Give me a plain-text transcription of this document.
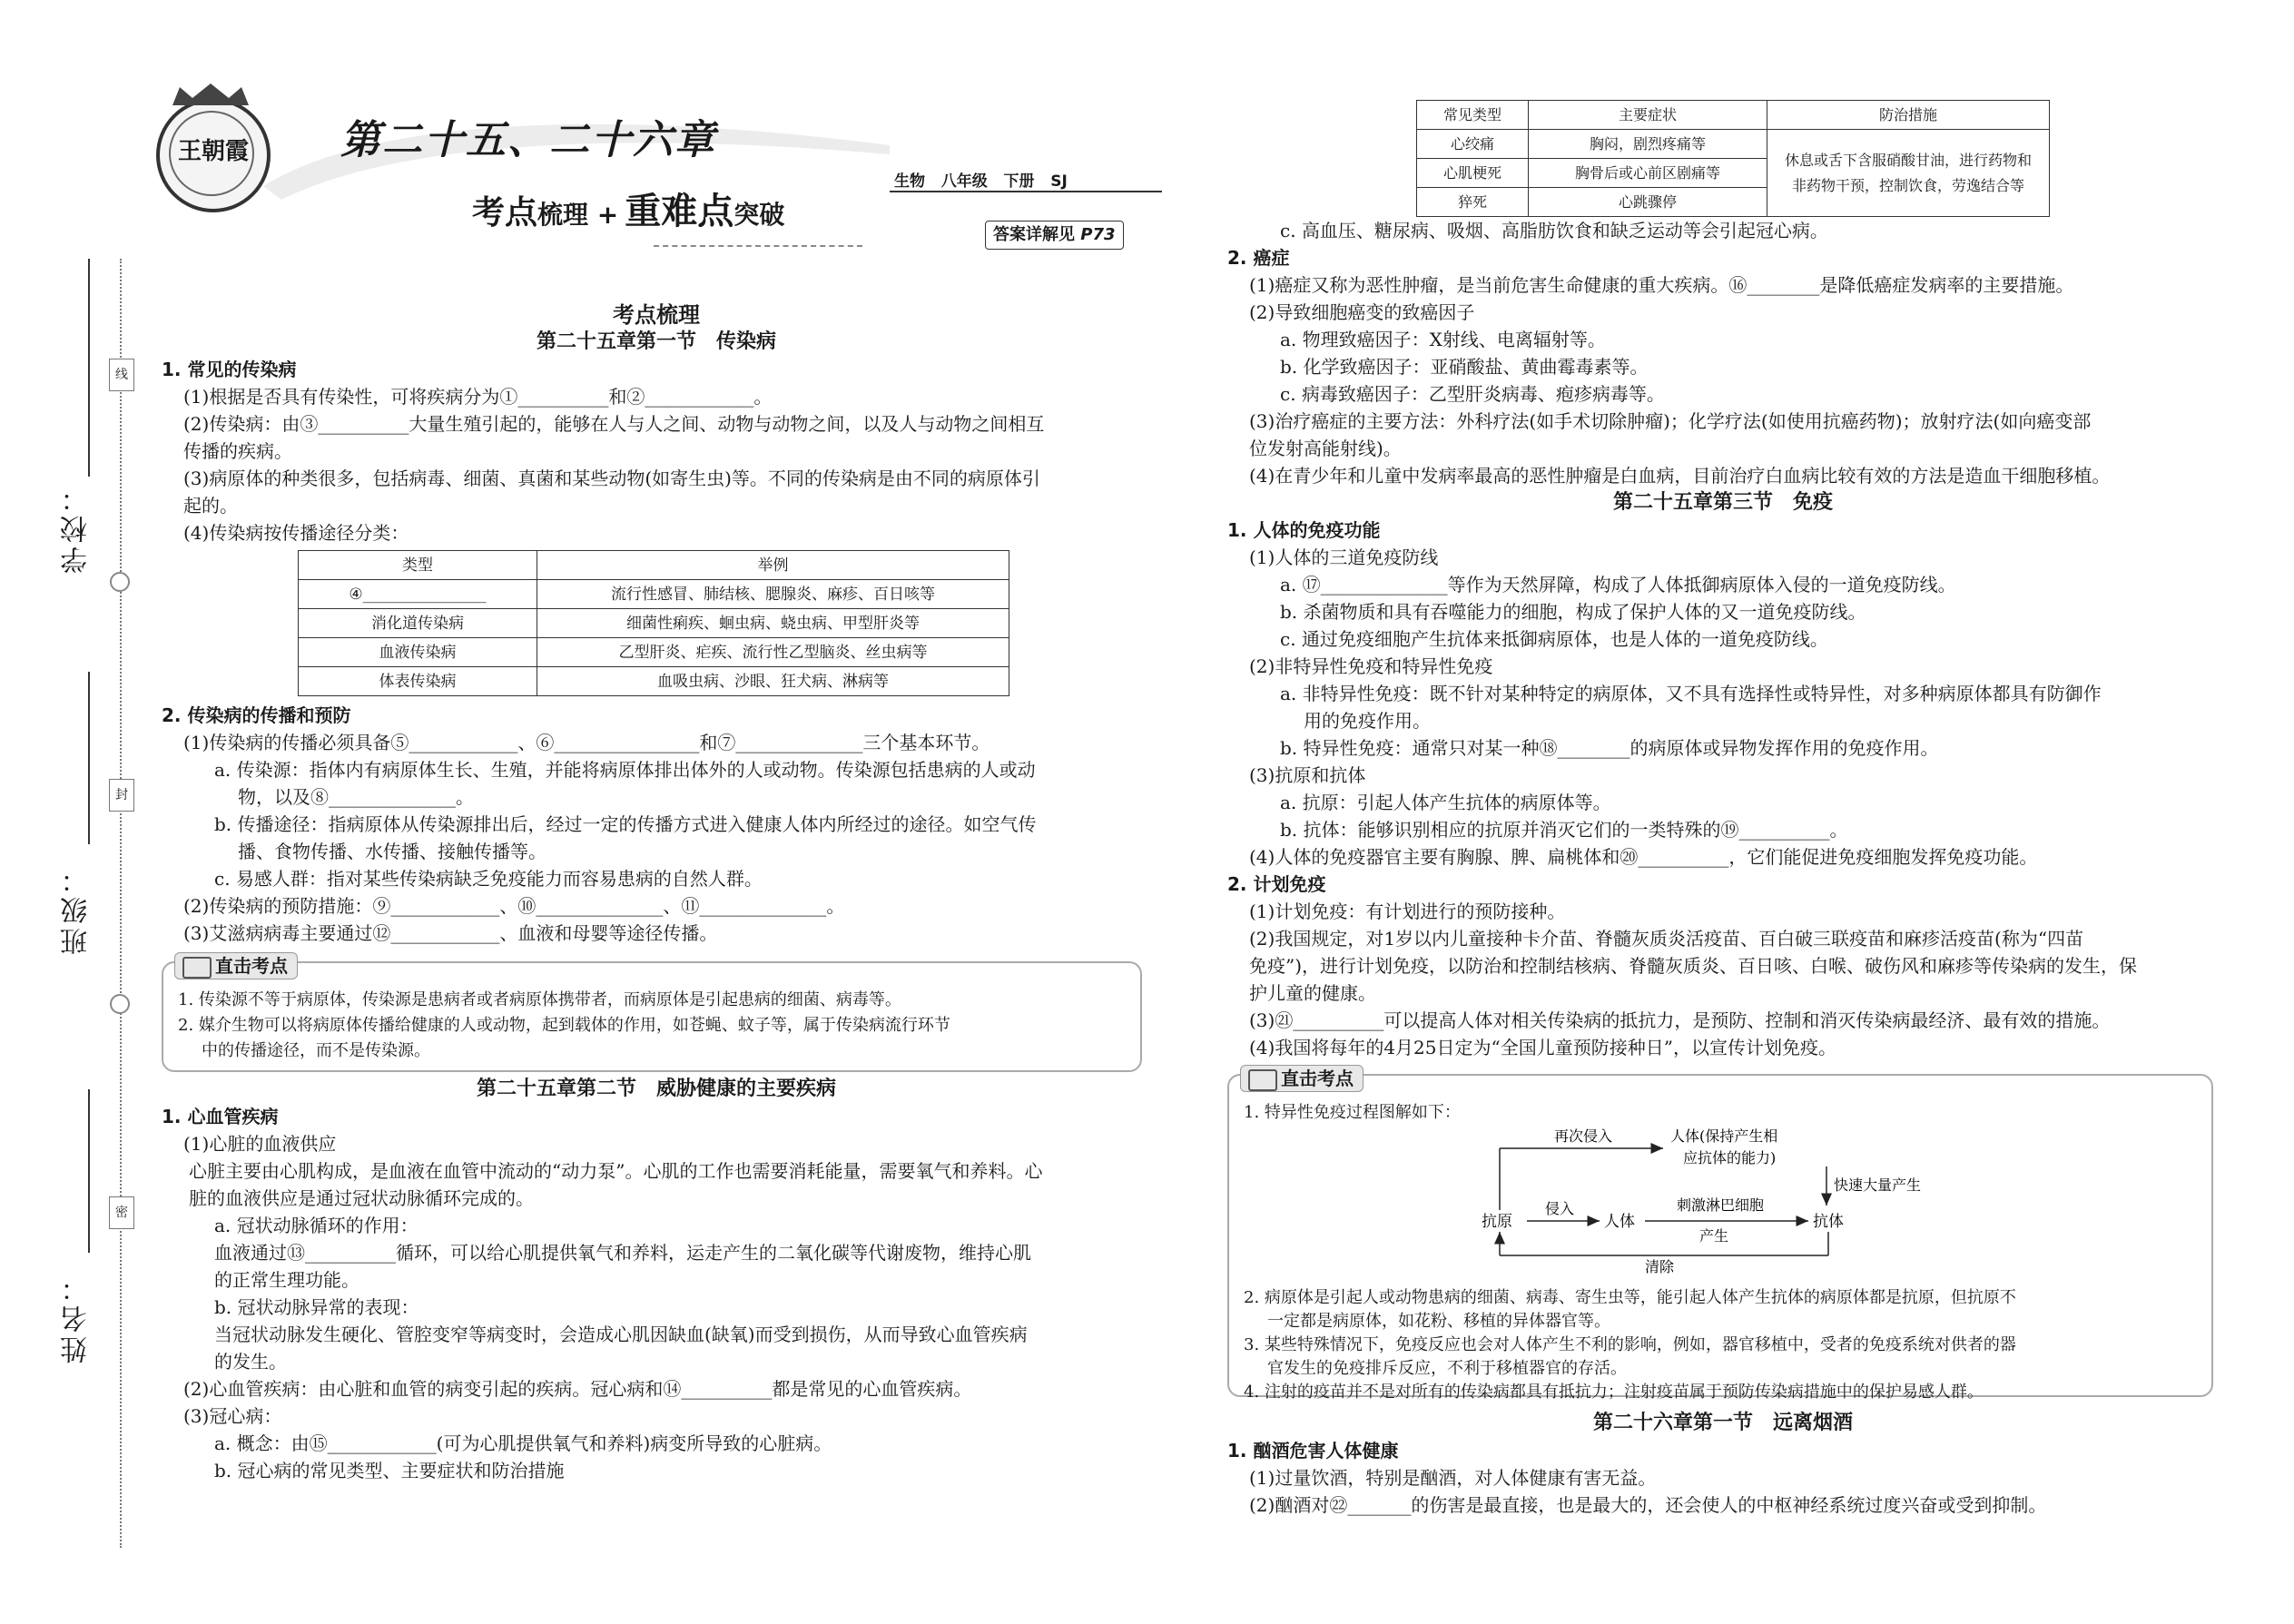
学校：
班级：
姓名：
线
封
密
王朝霞	第二十五、二十六章
生物 八年级 下册 SJ
考点梳理 + 重难点突破
答案详解见 P73
考点梳理
第二十五章第一节　传染病
1. 常见的传染病
(1)根据是否具有传染性，可将疾病分为①__________和②____________。
(2)传染病：由③__________大量生殖引起的，能够在人与人之间、动物与动物之间，以及人与动物之间相互
传播的疾病。
(3)病原体的种类很多，包括病毒、细菌、真菌和某些动物(如寄生虫)等。不同的传染病是由不同的病原体引
起的。
(4)传染病按传播途径分类：
类型	举例
④________________	流行性感冒、肺结核、腮腺炎、麻疹、百日咳等
消化道传染病	细菌性痢疾、蛔虫病、蛲虫病、甲型肝炎等
血液传染病	乙型肝炎、疟疾、流行性乙型脑炎、丝虫病等
体表传染病	血吸虫病、沙眼、狂犬病、淋病等
2. 传染病的传播和预防
(1)传染病的传播必须具备⑤____________、⑥________________和⑦______________三个基本环节。
a. 传染源：指体内有病原体生长、生殖，并能将病原体排出体外的人或动物。传染源包括患病的人或动
物，以及⑧______________。
b. 传播途径：指病原体从传染源排出后，经过一定的传播方式进入健康人体内所经过的途径。如空气传
播、食物传播、水传播、接触传播等。
c. 易感人群：指对某些传染病缺乏免疫能力而容易患病的自然人群。
(2)传染病的预防措施：⑨____________、⑩______________、⑪______________。
(3)艾滋病病毒主要通过⑫____________、血液和母婴等途径传播。
直击考点
1. 传染源不等于病原体，传染源是患病者或者病原体携带者，而病原体是引起患病的细菌、病毒等。
2. 媒介生物可以将病原体传播给健康的人或动物，起到载体的作用，如苍蝇、蚊子等，属于传染病流行环节
中的传播途径，而不是传染源。
第二十五章第二节　威胁健康的主要疾病
1. 心血管疾病
(1)心脏的血液供应
心脏主要由心肌构成，是血液在血管中流动的“动力泵”。心肌的工作也需要消耗能量，需要氧气和养料。心
脏的血液供应是通过冠状动脉循环完成的。
a. 冠状动脉循环的作用：
血液通过⑬__________循环，可以给心肌提供氧气和养料，运走产生的二氧化碳等代谢废物，维持心肌
的正常生理功能。
b. 冠状动脉异常的表现：
当冠状动脉发生硬化、管腔变窄等病变时，会造成心肌因缺血(缺氧)而受到损伤，从而导致心血管疾病
的发生。
(2)心血管疾病：由心脏和血管的病变引起的疾病。冠心病和⑭__________都是常见的心血管疾病。
(3)冠心病：
a. 概念：由⑮____________(可为心肌提供氧气和养料)病变所导致的心脏病。
b. 冠心病的常见类型、主要症状和防治措施
常见类型	主要症状	防治措施
心绞痛	胸闷，剧烈疼痛等	休息或舌下含服硝酸甘油，进行药物和
非药物干预，控制饮食，劳逸结合等

心肌梗死	胸骨后或心前区剧痛等	
猝死	心跳骤停	
c. 高血压、糖尿病、吸烟、高脂肪饮食和缺乏运动等会引起冠心病。
2. 癌症
(1)癌症又称为恶性肿瘤，是当前危害生命健康的重大疾病。⑯________是降低癌症发病率的主要措施。
(2)导致细胞癌变的致癌因子
a. 物理致癌因子：X射线、电离辐射等。
b. 化学致癌因子：亚硝酸盐、黄曲霉毒素等。
c. 病毒致癌因子：乙型肝炎病毒、疱疹病毒等。
(3)治疗癌症的主要方法：外科疗法(如手术切除肿瘤)；化学疗法(如使用抗癌药物)；放射疗法(如向癌变部
位发射高能射线)。
(4)在青少年和儿童中发病率最高的恶性肿瘤是白血病，目前治疗白血病比较有效的方法是造血干细胞移植。
第二十五章第三节　免疫
1. 人体的免疫功能
(1)人体的三道免疫防线
a. ⑰______________等作为天然屏障，构成了人体抵御病原体入侵的一道免疫防线。
b. 杀菌物质和具有吞噬能力的细胞，构成了保护人体的又一道免疫防线。
c. 通过免疫细胞产生抗体来抵御病原体，也是人体的一道免疫防线。
(2)非特异性免疫和特异性免疫
a. 非特异性免疫：既不针对某种特定的病原体，又不具有选择性或特异性，对多种病原体都具有防御作
用的免疫作用。
b. 特异性免疫：通常只对某一种⑱________的病原体或异物发挥作用的免疫作用。
(3)抗原和抗体
a. 抗原：引起人体产生抗体的病原体等。
b. 抗体：能够识别相应的抗原并消灭它们的一类特殊的⑲__________。
(4)人体的免疫器官主要有胸腺、脾、扁桃体和⑳__________，它们能促进免疫细胞发挥免疫功能。
2. 计划免疫
(1)计划免疫：有计划进行的预防接种。
(2)我国规定，对1岁以内儿童接种卡介苗、脊髓灰质炎活疫苗、百白破三联疫苗和麻疹活疫苗(称为“四苗
免疫”)，进行计划免疫，以防治和控制结核病、脊髓灰质炎、百日咳、白喉、破伤风和麻疹等传染病的发生，保
护儿童的健康。
(3)㉑__________可以提高人体对相关传染病的抵抗力，是预防、控制和消灭传染病最经济、最有效的措施。
(4)我国将每年的4月25日定为“全国儿童预防接种日”，以宣传计划免疫。
直击考点
1. 特异性免疫过程图解如下：
抗原
侵入
人体
刺激淋巴细胞
产生
抗体
再次侵入	人体(保持产生相
应抗体的能力)
快速大量产生
清除
2. 病原体是引起人或动物患病的细菌、病毒、寄生虫等，能引起人体产生抗体的病原体都是抗原，但抗原不
一定都是病原体，如花粉、移植的异体器官等。
3. 某些特殊情况下，免疫反应也会对人体产生不利的影响，例如，器官移植中，受者的免疫系统对供者的器
官发生的免疫排斥反应，不利于移植器官的存活。
4. 注射的疫苗并不是对所有的传染病都具有抵抗力；注射疫苗属于预防传染病措施中的保护易感人群。
第二十六章第一节　远离烟酒
1. 酗酒危害人体健康
(1)过量饮酒，特别是酗酒，对人体健康有害无益。
(2)酗酒对㉒_______的伤害是最直接，也是最大的，还会使人的中枢神经系统过度兴奋或受到抑制。
